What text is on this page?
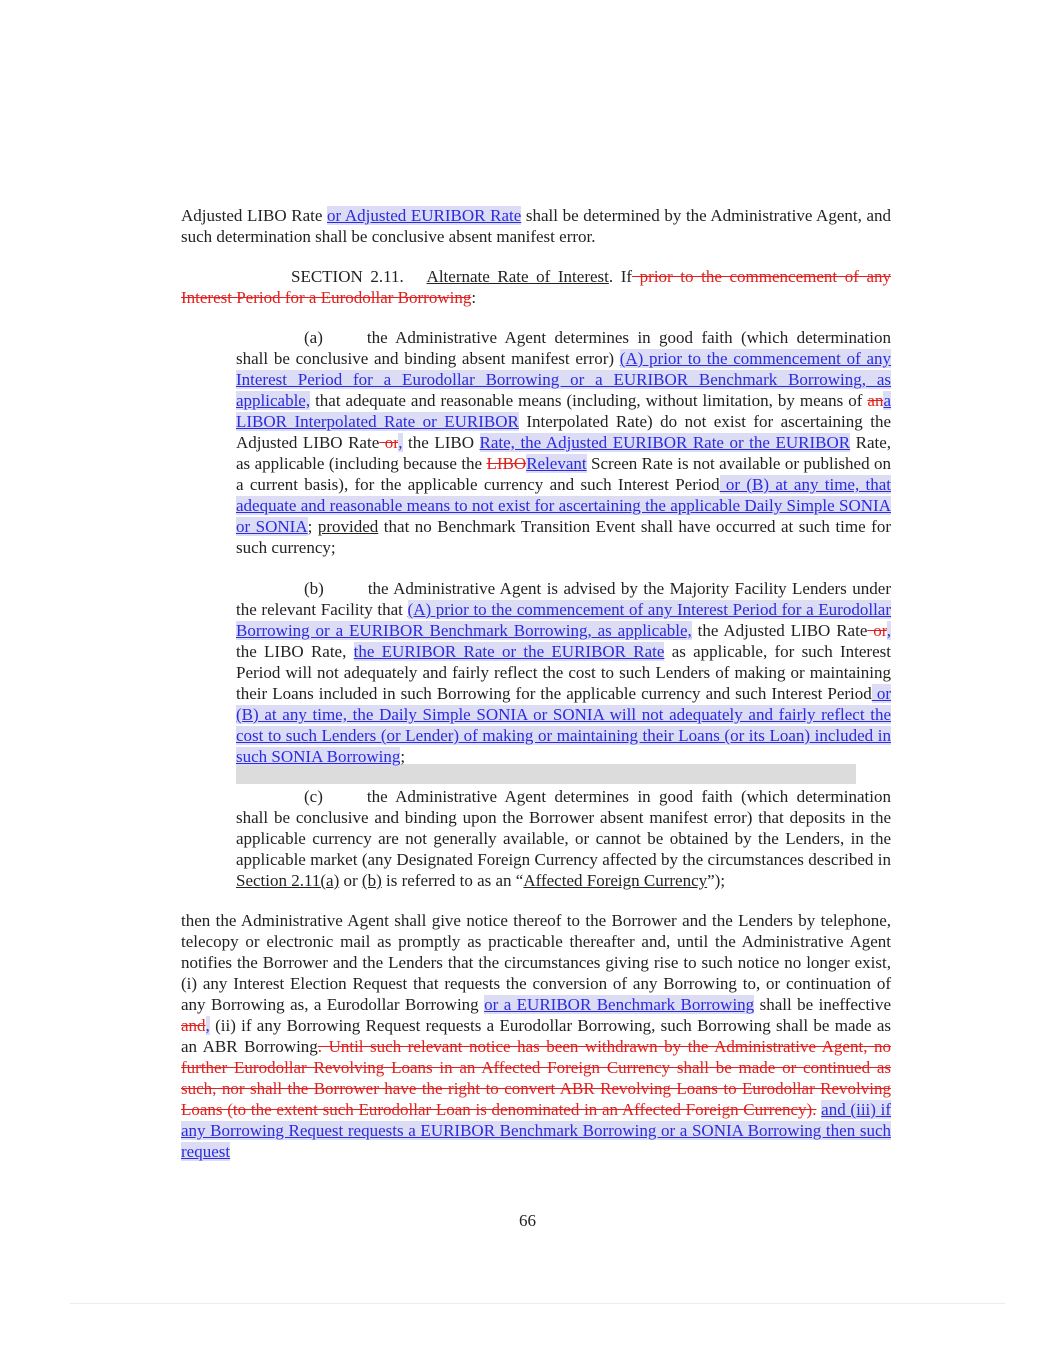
Adjusted LIBO Rate or Adjusted EURIBOR Rate shall be determined by the Administrative Agent, and such determination shall be conclusive absent manifest error.

SECTION 2.11. Alternate Rate of Interest. If prior to the commencement of any Interest Period for a Eurodollar Borrowing:

(a)	the Administrative Agent determines in good faith (which determination shall be conclusive and binding absent manifest error) (A) prior to the commencement of any Interest Period for a Eurodollar Borrowing or a EURIBOR Benchmark Borrowing, as applicable, that adequate and reasonable means (including, without limitation, by means of ana LIBOR Interpolated Rate or EURIBOR Interpolated Rate) do not exist for ascertaining the Adjusted LIBO Rate or, the LIBO Rate, the Adjusted EURIBOR Rate or the EURIBOR Rate, as applicable (including because the LIBORelevant Screen Rate is not available or published on a current basis), for the applicable currency and such Interest Period or (B) at any time, that adequate and reasonable means to not exist for ascertaining the applicable Daily Simple SONIA or SONIA; provided that no Benchmark Transition Event shall have occurred at such time for such currency;

(b)	the Administrative Agent is advised by the Majority Facility Lenders under the relevant Facility that (A) prior to the commencement of any Interest Period for a Eurodollar Borrowing or a EURIBOR Benchmark Borrowing, as applicable, the Adjusted LIBO Rate or, the LIBO Rate, the EURIBOR Rate or the EURIBOR Rate as applicable, for such Interest Period will not adequately and fairly reflect the cost to such Lenders of making or maintaining their Loans included in such Borrowing for the applicable currency and such Interest Period or (B) at any time, the Daily Simple SONIA or SONIA will not adequately and fairly reflect the cost to such Lenders (or Lender) of making or maintaining their Loans (or its Loan) included in such SONIA Borrowing;

(c)	the Administrative Agent determines in good faith (which determination shall be conclusive and binding upon the Borrower absent manifest error) that deposits in the applicable currency are not generally available, or cannot be obtained by the Lenders, in the applicable market (any Designated Foreign Currency affected by the circumstances described in Section 2.11(a) or (b) is referred to as an “Affected Foreign Currency”);

then the Administrative Agent shall give notice thereof to the Borrower and the Lenders by telephone, telecopy or electronic mail as promptly as practicable thereafter and, until the Administrative Agent notifies the Borrower and the Lenders that the circumstances giving rise to such notice no longer exist, (i) any Interest Election Request that requests the conversion of any Borrowing to, or continuation of any Borrowing as, a Eurodollar Borrowing or a EURIBOR Benchmark Borrowing shall be ineffective and, (ii) if any Borrowing Request requests a Eurodollar Borrowing, such Borrowing shall be made as an ABR Borrowing. Until such relevant notice has been withdrawn by the Administrative Agent, no further Eurodollar Revolving Loans in an Affected Foreign Currency shall be made or continued as such, nor shall the Borrower have the right to convert ABR Revolving Loans to Eurodollar Revolving Loans (to the extent such Eurodollar Loan is denominated in an Affected Foreign Currency). and (iii) if any Borrowing Request requests a EURIBOR Benchmark Borrowing or a SONIA Borrowing then such request

66
